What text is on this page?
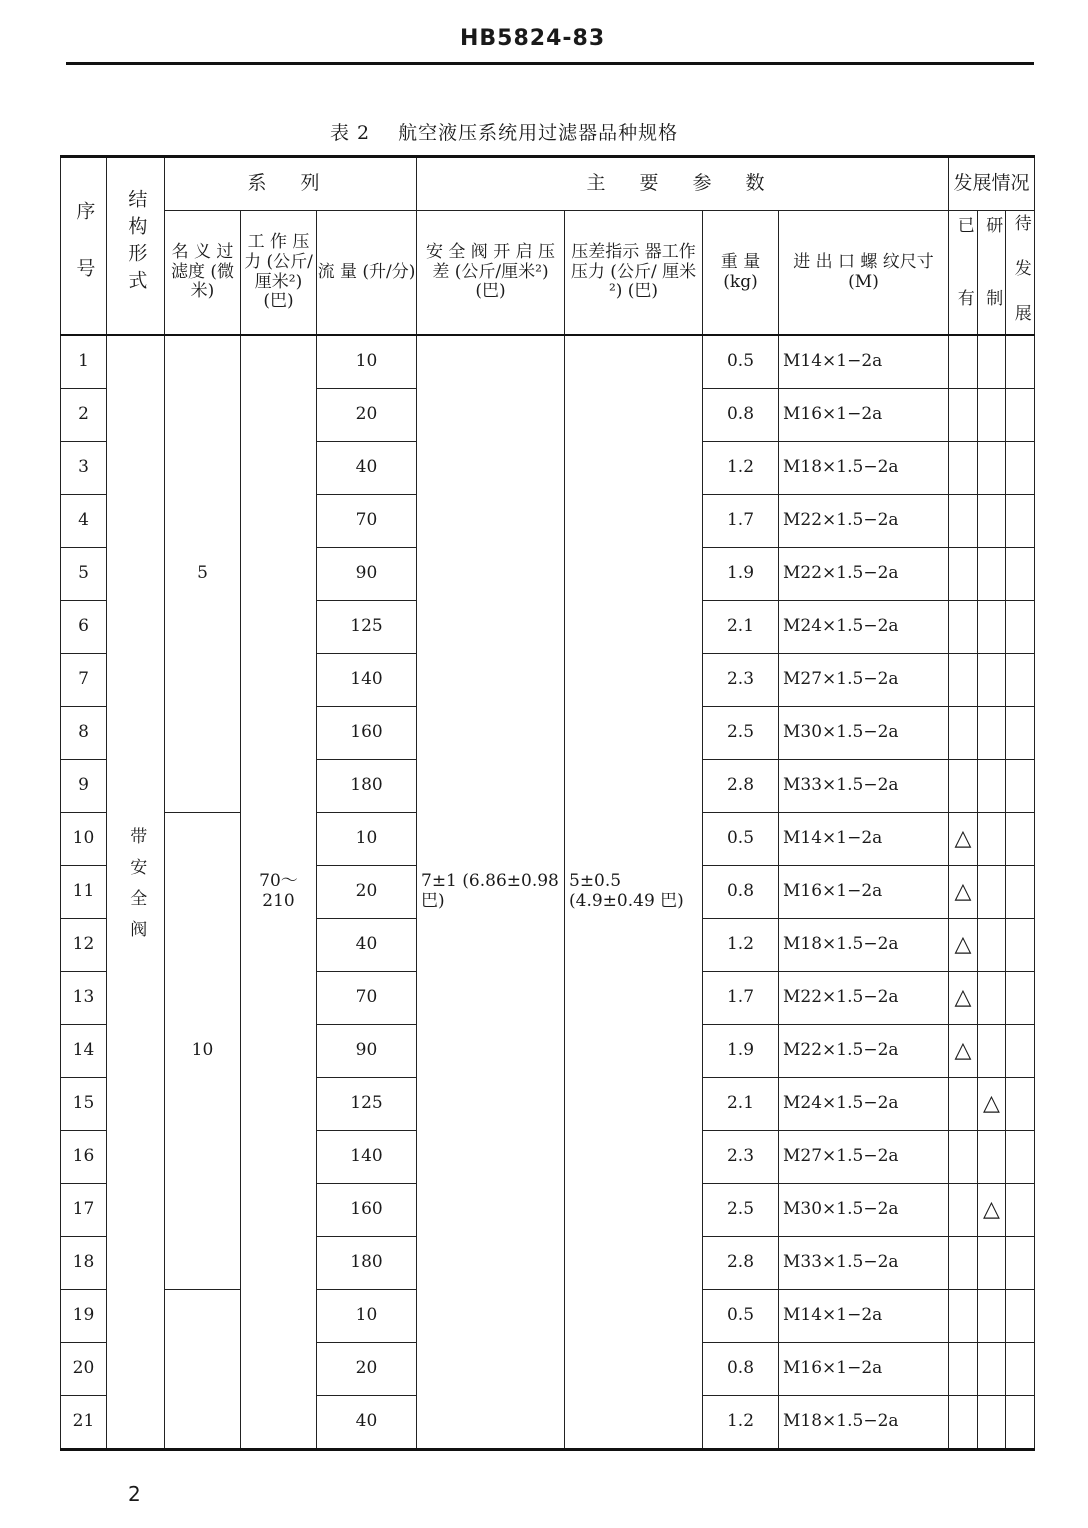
HB5824-83
表 2 航空液压系统用过滤器品种规格
序 号	结构形式	系 列			主 要 参 数				发展情况		
		名 义 过滤度 (微米)	工 作 压 力 (公斤/ 厘米²) (巴)	流 量 (升/分)	安 全 阀 开 启 压 差 (公斤/厘米²) (巴)	压差指示 器工作压力 (公斤/ 厘米²) (巴)	重 量 (kg)	进 出 口 螺 纹尺寸(M)	已 有	研 制	待 发 展
1	带安全阀	5	70～ 210	10	7±1 (6.86±0.98 巴)	5±0.5 (4.9±0.49 巴)	0.5	M14×1−2a			
2				20			0.8	M16×1−2a			
3				40			1.2	M18×1.5−2a			
4				70			1.7	M22×1.5−2a			
5				90			1.9	M22×1.5−2a			
6				125			2.1	M24×1.5−2a			
7				140			2.3	M27×1.5−2a			
8				160			2.5	M30×1.5−2a			
9				180			2.8	M33×1.5−2a			
10		10		10			0.5	M14×1−2a	△		
11				20			0.8	M16×1−2a	△		
12				40			1.2	M18×1.5−2a	△		
13				70			1.7	M22×1.5−2a	△		
14				90			1.9	M22×1.5−2a	△		
15				125			2.1	M24×1.5−2a		△	
16				140			2.3	M27×1.5−2a			
17				160			2.5	M30×1.5−2a		△	
18				180			2.8	M33×1.5−2a			
19				10			0.5	M14×1−2a			
20				20			0.8	M16×1−2a			
21				40			1.2	M18×1.5−2a			
2
